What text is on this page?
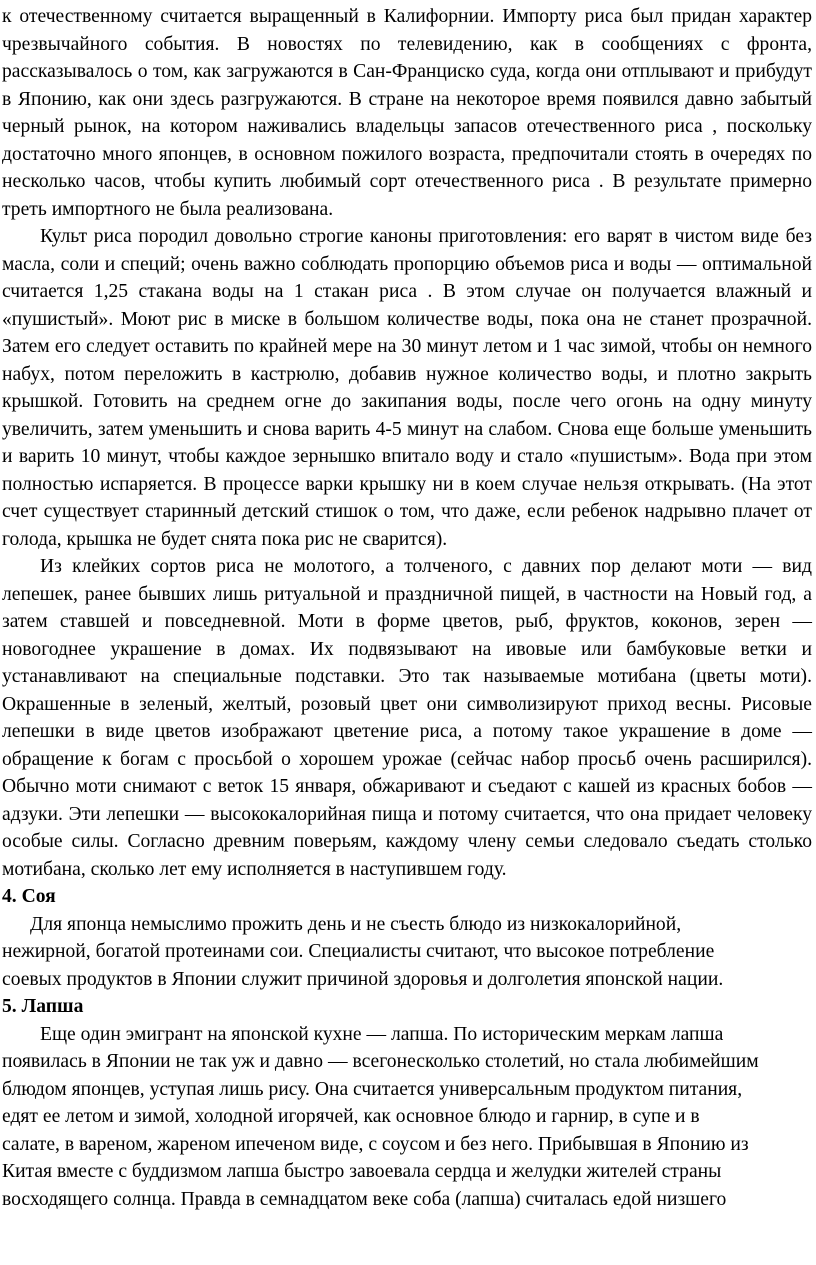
к отечественному считается выращенный в Калифорнии. Импорту риса был придан характер чрезвычайного события. В новостях по телевидению, как в сообщениях с фронта, рассказывалось о том, как загружаются в Сан-Франциско суда, когда они отплывают и прибудут в Японию, как они здесь разгружаются. В стране на некоторое время появился давно забытый черный рынок, на котором наживались владельцы запасов отечественного риса , поскольку достаточно много японцев, в основном пожилого возраста, предпочитали стоять в очередях по несколько часов, чтобы купить любимый сорт отечественного риса . В результате примерно треть импортного не была реализована.

Культ риса породил довольно строгие каноны приготовления: его варят в чистом виде без масла, соли и специй; очень важно соблюдать пропорцию объемов риса и воды — оптимальной считается 1,25 стакана воды на 1 стакан риса . В этом случае он получается влажный и «пушистый». Моют рис в миске в большом количестве воды, пока она не станет прозрачной. Затем его следует оставить по крайней мере на 30 минут летом и 1 час зимой, чтобы он немного набух, потом переложить в кастрюлю, добавив нужное количество воды, и плотно закрыть крышкой. Готовить на среднем огне до закипания воды, после чего огонь на одну минуту увеличить, затем уменьшить и снова варить 4-5 минут на слабом. Снова еще больше уменьшить и варить 10 минут, чтобы каждое зернышко впитало воду и стало «пушистым». Вода при этом полностью испаряется. В процессе варки крышку ни в коем случае нельзя открывать. (На этот счет существует старинный детский стишок о том, что даже, если ребенок надрывно плачет от голода, крышка не будет снята пока рис не сварится).

Из клейких сортов риса не молотого, а толченого, с давних пор делают моти — вид лепешек, ранее бывших лишь ритуальной и праздничной пищей, в частности на Новый год, а затем ставшей и повседневной. Моти в форме цветов, рыб, фруктов, коконов, зерен — новогоднее украшение в домах. Их подвязывают на ивовые или бамбуковые ветки и устанавливают на специальные подставки. Это так называемые мотибана (цветы моти). Окрашенные в зеленый, желтый, розовый цвет они символизируют приход весны. Рисовые лепешки в виде цветов изображают цветение риса, а потому такое украшение в доме — обращение к богам с просьбой о хорошем урожае (сейчас набор просьб очень расширился). Обычно моти снимают с веток 15 января, обжаривают и съедают с кашей из красных бобов — адзуки. Эти лепешки — высококалорийная пища и потому считается, что она придает человеку особые силы. Согласно древним поверьям, каждому члену семьи следовало съедать столько мотибана, сколько лет ему исполняется в наступившем году.

4. Соя

Для японца немыслимо прожить день и не съесть блюдо из низкокалорийной,
нежирной, богатой протеинами сои. Специалисты считают, что высокое потребление
соевых продуктов в Японии служит причиной здоровья и долголетия японской нации.

5. Лапша

Еще один эмигрант на японской кухне — лапша. По историческим меркам лапша
появилась в Японии не так уж и давно — всегонесколько столетий, но стала любимейшим
блюдом японцев, уступая лишь рису. Она считается универсальным продуктом питания,
едят ее летом и зимой, холодной игорячей, как основное блюдо и гарнир, в супе и в
салате, в вареном, жареном ипеченом виде, с соусом и без него. Прибывшая в Японию из
Китая вместе с буддизмом лапша быстро завоевала сердца и желудки жителей страны
восходящего солнца. Правда в семнадцатом веке соба (лапша) считалась едой низшего
